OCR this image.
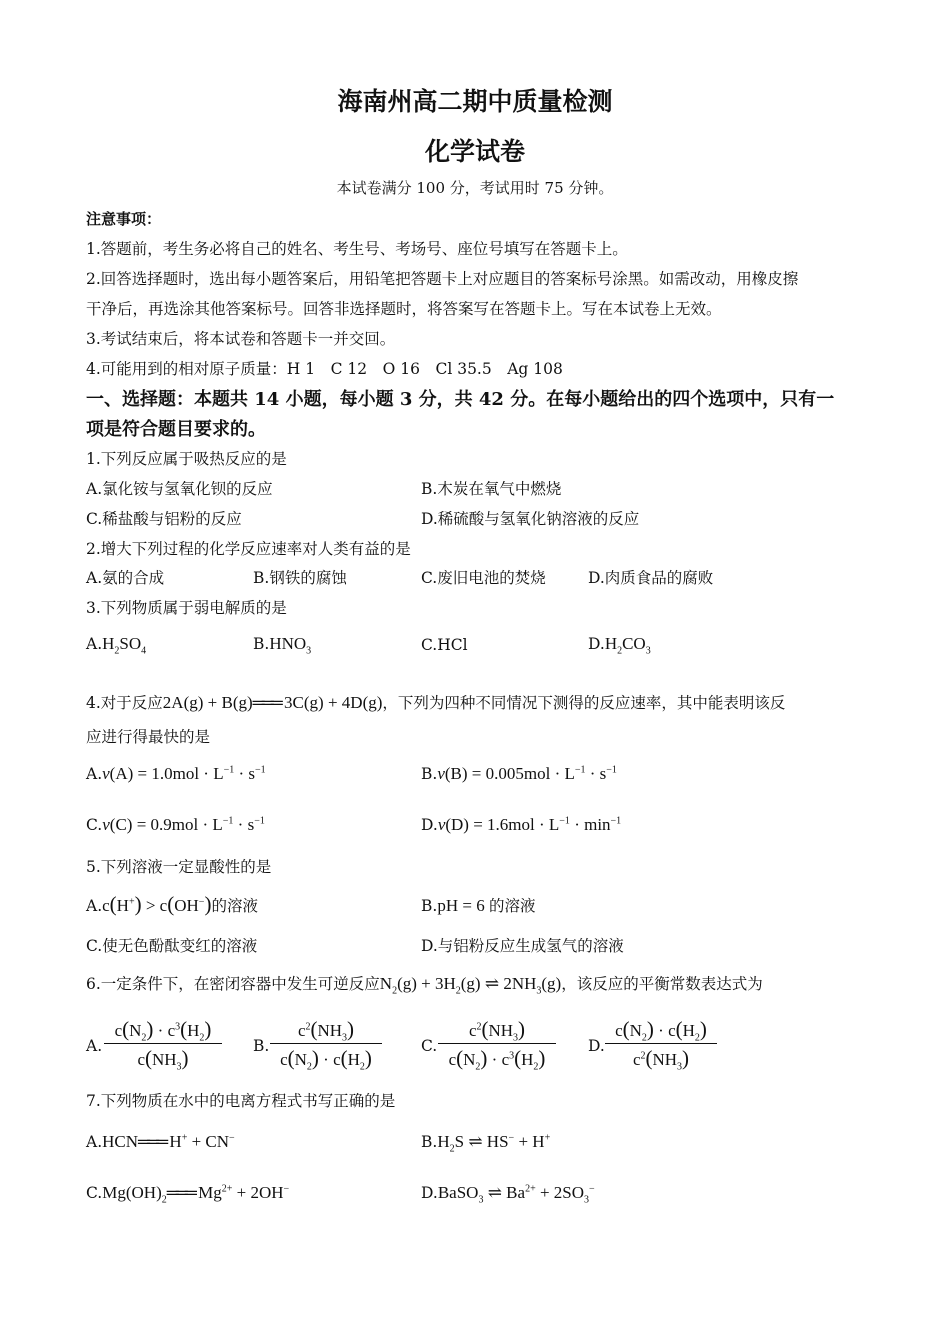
海南州高二期中质量检测
化学试卷
本试卷满分 100 分，考试用时 75 分钟。
注意事项：
1.答题前，考生务必将自己的姓名、考生号、考场号、座位号填写在答题卡上。
2.回答选择题时，选出每小题答案后，用铅笔把答题卡上对应题目的答案标号涂黑。如需改动，用橡皮擦
干净后，再选涂其他答案标号。回答非选择题时，将答案写在答题卡上。写在本试卷上无效。
3.考试结束后，将本试卷和答题卡一并交回。
4.可能用到的相对原子质量：H 1　C 12　O 16　Cl 35.5　Ag 108
一、选择题：本题共 14 小题，每小题 3 分，共 42 分。在每小题给出的四个选项中，只有一
项是符合题目要求的。
1.下列反应属于吸热反应的是
A.氯化铵与氢氧化钡的反应	B.木炭在氧气中燃烧
C.稀盐酸与铝粉的反应	D.稀硫酸与氢氧化钠溶液的反应
2.增大下列过程的化学反应速率对人类有益的是
A.氨的合成	B.钢铁的腐蚀	C.废旧电池的焚烧	D.肉质食品的腐败
3.下列物质属于弱电解质的是
$A.H_2SO_4$	$B.HNO_3$	C.HCl	$D.H_2CO_3$
4.对于反应2A(g) + B(g)═══ 3C(g) + 4D(g)，下列为四种不同情况下测得的反应速率，其中能表明该反
应进行得最快的是
$A.v(A) = 1.0mol \cdot L^{-1} \cdot s^{-1}$	$B.v(B) = 0.005mol \cdot L^{-1} \cdot s^{-1}$
$C.v(C) = 0.9mol \cdot L^{-1} \cdot s^{-1}$	$D.v(D) = 1.6mol \cdot L^{-1} \cdot \min^{-1}$
5.下列溶液一定显酸性的是
A.c(H+) > c(OH−)的溶液	B.pH = 6 的溶液
C.使无色酚酞变红的溶液	D.与铝粉反应生成氢气的溶液
6.一定条件下，在密闭容器中发生可逆反应$N_2(g) + 3H_2(g)$ ⇌ $2NH_3(g)$，该反应的平衡常数表达式为
A. $\frac{c(N_2) \cdot c^3(H_2)}{c(NH_3)} B$. $\frac{c^2(NH_3)}{c(N_2) \cdot c(H_2)}$	C. $\frac{c^2(NH_3)}{c(N_2) \cdot c^3(H_2)} D$. $\frac{c(N_2) \cdot c(H_2)}{c^2(NH_3)}$
7.下列物质在水中的电离方程式书写正确的是
A.HCN═══ H+ + CN−	$B.H_2S$ ⇌ HS− + H+
$C.Mg(OH)_2═══$ $Mg^{2+} + 2OH^-$	D.BaSO$_3$ ⇌ $Ba^{2+} + 2SO_3^-$
